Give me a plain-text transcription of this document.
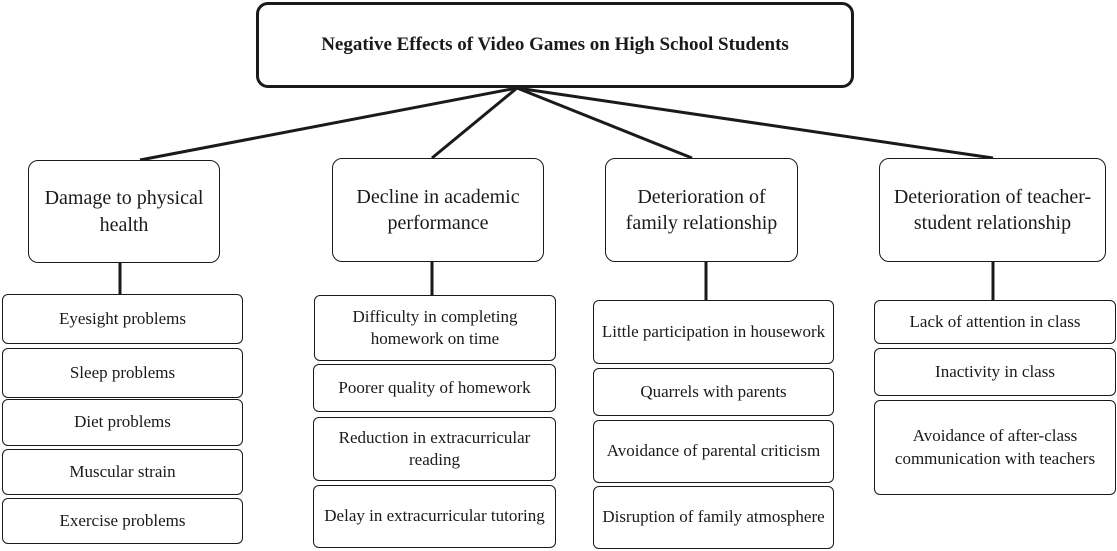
Negative Effects of Video Games on High School Students
Damage to physical health
Decline in academic performance
Deterioration of family relationship
Deterioration of teacher-student relationship
Eyesight problems
Sleep problems
Diet problems
Muscular strain
Exercise problems
Difficulty in completing homework on time
Poorer quality of homework
Reduction in extracurricular reading
Delay in extracurricular tutoring
Little participation in housework
Quarrels with parents
Avoidance of parental criticism
Disruption of family atmosphere
Lack of attention in class
Inactivity in class
Avoidance of after-class communication with teachers
